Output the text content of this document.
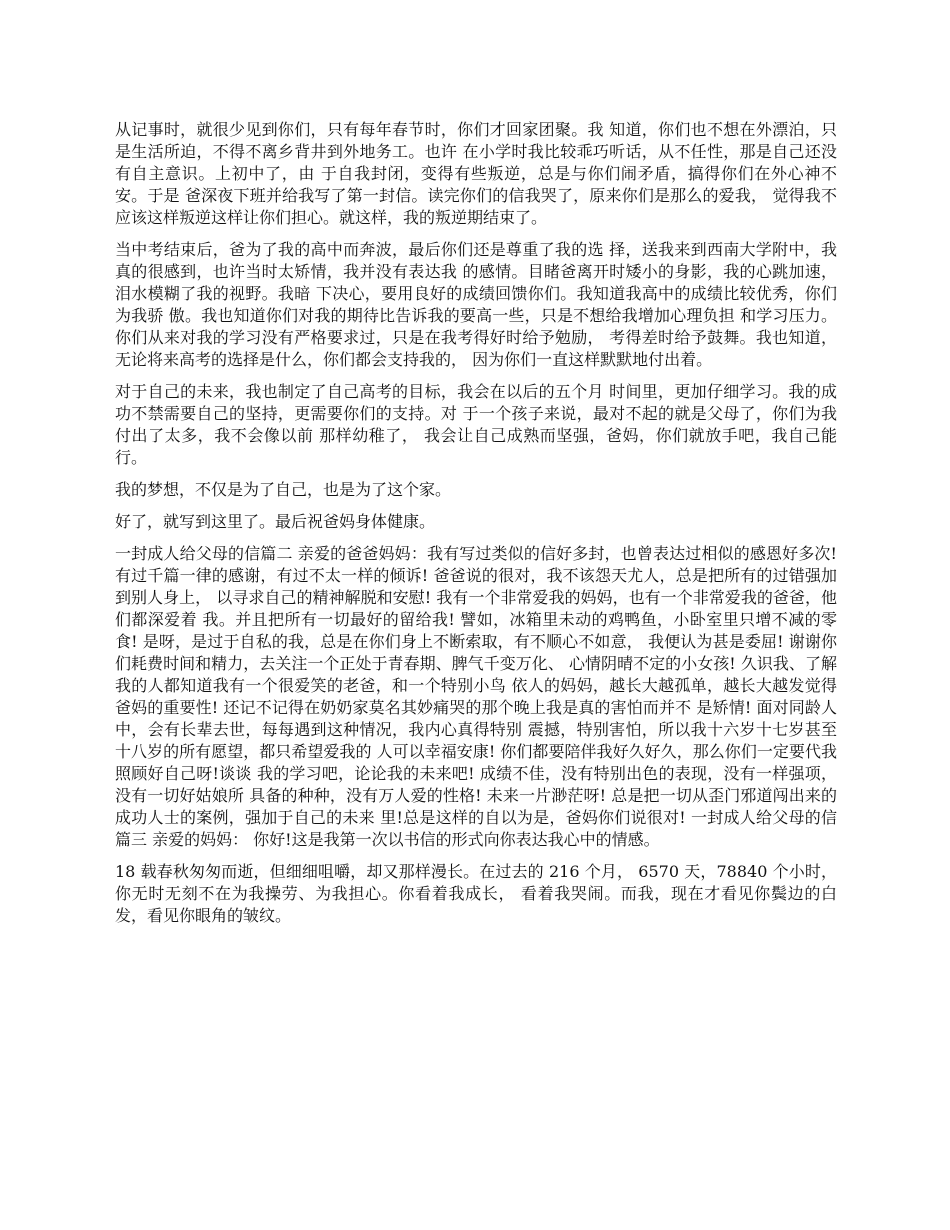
从记事时，就很少见到你们，只有每年春节时，你们才回家团聚。我 知道，你们也不想在外漂泊，只是生活所迫，不得不离乡背井到外地务工。也许 在小学时我比较乖巧听话，从不任性，那是自己还没有自主意识。上初中了，由 于自我封闭，变得有些叛逆，总是与你们闹矛盾，搞得你们在外心神不安。于是 爸深夜下班并给我写了第一封信。读完你们的信我哭了，原来你们是那么的爱我， 觉得我不应该这样叛逆这样让你们担心。就这样，我的叛逆期结束了。

当中考结束后，爸为了我的高中而奔波，最后你们还是尊重了我的选 择，送我来到西南大学附中，我真的很感到，也许当时太矫情，我并没有表达我 的感情。目睹爸离开时矮小的身影，我的心跳加速，泪水模糊了我的视野。我暗 下决心，要用良好的成绩回馈你们。我知道我高中的成绩比较优秀，你们为我骄 傲。我也知道你们对我的期待比告诉我的要高一些，只是不想给我增加心理负担 和学习压力。你们从来对我的学习没有严格要求过，只是在我考得好时给予勉励， 考得差时给予鼓舞。我也知道，无论将来高考的选择是什么，你们都会支持我的， 因为你们一直这样默默地付出着。

对于自己的未来，我也制定了自己高考的目标，我会在以后的五个月 时间里，更加仔细学习。我的成功不禁需要自己的坚持，更需要你们的支持。对 于一个孩子来说，最对不起的就是父母了，你们为我付出了太多，我不会像以前 那样幼稚了， 我会让自己成熟而坚强，爸妈，你们就放手吧，我自己能行。

我的梦想，不仅是为了自己，也是为了这个家。

好了，就写到这里了。最后祝爸妈身体健康。

一封成人给父母的信篇二 亲爱的爸爸妈妈：我有写过类似的信好多封，也曾表达过相似的感恩好多次! 有过千篇一律的感谢，有过不太一样的倾诉! 爸爸说的很对，我不该怨天尤人，总是把所有的过错强加到别人身上， 以寻求自己的精神解脱和安慰! 我有一个非常爱我的妈妈，也有一个非常爱我的爸爸，他们都深爱着 我。并且把所有一切最好的留给我! 譬如，冰箱里未动的鸡鸭鱼，小卧室里只增不减的零食! 是呀，是过于自私的我，总是在你们身上不断索取，有不顺心不如意， 我便认为甚是委屈! 谢谢你们耗费时间和精力，去关注一个正处于青春期、脾气千变万化、 心情阴晴不定的小女孩! 久识我、了解我的人都知道我有一个很爱笑的老爸，和一个特别小鸟 依人的妈妈，越长大越孤单，越长大越发觉得爸妈的重要性! 还记不记得在奶奶家莫名其妙痛哭的那个晚上我是真的害怕而并不 是矫情! 面对同龄人中，会有长辈去世，每每遇到这种情况，我内心真得特别 震撼，特别害怕，所以我十六岁十七岁甚至十八岁的所有愿望，都只希望爱我的 人可以幸福安康! 你们都要陪伴我好久好久，那么你们一定要代我照顾好自己呀!谈谈 我的学习吧，论论我的未来吧! 成绩不佳，没有特别出色的表现，没有一样强项，没有一切好姑娘所 具备的种种，没有万人爱的性格! 未来一片渺茫呀! 总是把一切从歪门邪道闯出来的成功人士的案例，强加于自己的未来 里!总是这样的自以为是，爸妈你们说很对! 一封成人给父母的信篇三 亲爱的妈妈： 你好!这是我第一次以书信的形式向你表达我心中的情感。

18 载春秋匆匆而逝，但细细咀嚼，却又那样漫长。在过去的 216 个月， 6570 天，78840 个小时，你无时无刻不在为我操劳、为我担心。你看着我成长， 看着我哭闹。而我，现在才看见你鬓边的白发，看见你眼角的皱纹。
